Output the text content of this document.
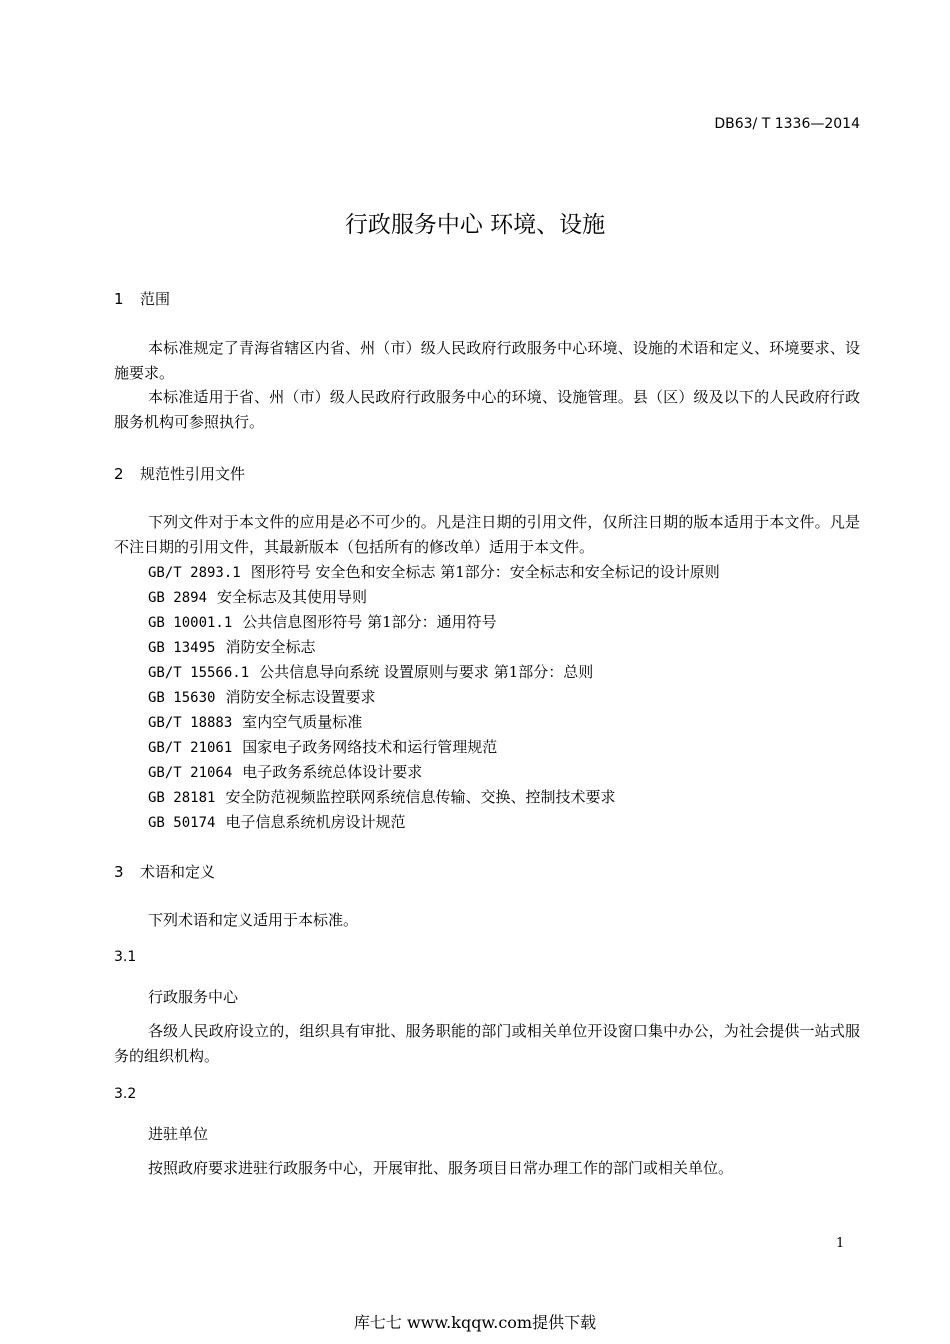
DB63/ T 1336—2014
行政服务中心 环境、设施
1 范围
本标准规定了青海省辖区内省、州（市）级人民政府行政服务中心环境、设施的术语和定义、环境要求、设施要求。
本标准适用于省、州（市）级人民政府行政服务中心的环境、设施管理。县（区）级及以下的人民政府行政服务机构可参照执行。
2 规范性引用文件
下列文件对于本文件的应用是必不可少的。凡是注日期的引用文件，仅所注日期的版本适用于本文件。凡是不注日期的引用文件，其最新版本（包括所有的修改单）适用于本文件。
GB/T 2893.1 图形符号 安全色和安全标志 第1部分：安全标志和安全标记的设计原则
GB 2894 安全标志及其使用导则
GB 10001.1 公共信息图形符号 第1部分：通用符号
GB 13495 消防安全标志
GB/T 15566.1 公共信息导向系统 设置原则与要求 第1部分：总则
GB 15630 消防安全标志设置要求
GB/T 18883 室内空气质量标准
GB/T 21061 国家电子政务网络技术和运行管理规范
GB/T 21064 电子政务系统总体设计要求
GB 28181 安全防范视频监控联网系统信息传输、交换、控制技术要求
GB 50174 电子信息系统机房设计规范
3 术语和定义
下列术语和定义适用于本标准。
3.1
行政服务中心
各级人民政府设立的，组织具有审批、服务职能的部门或相关单位开设窗口集中办公，为社会提供一站式服务的组织机构。
3.2
进驻单位
按照政府要求进驻行政服务中心，开展审批、服务项目日常办理工作的部门或相关单位。
1
库七七 www.kqqw.com提供下载
